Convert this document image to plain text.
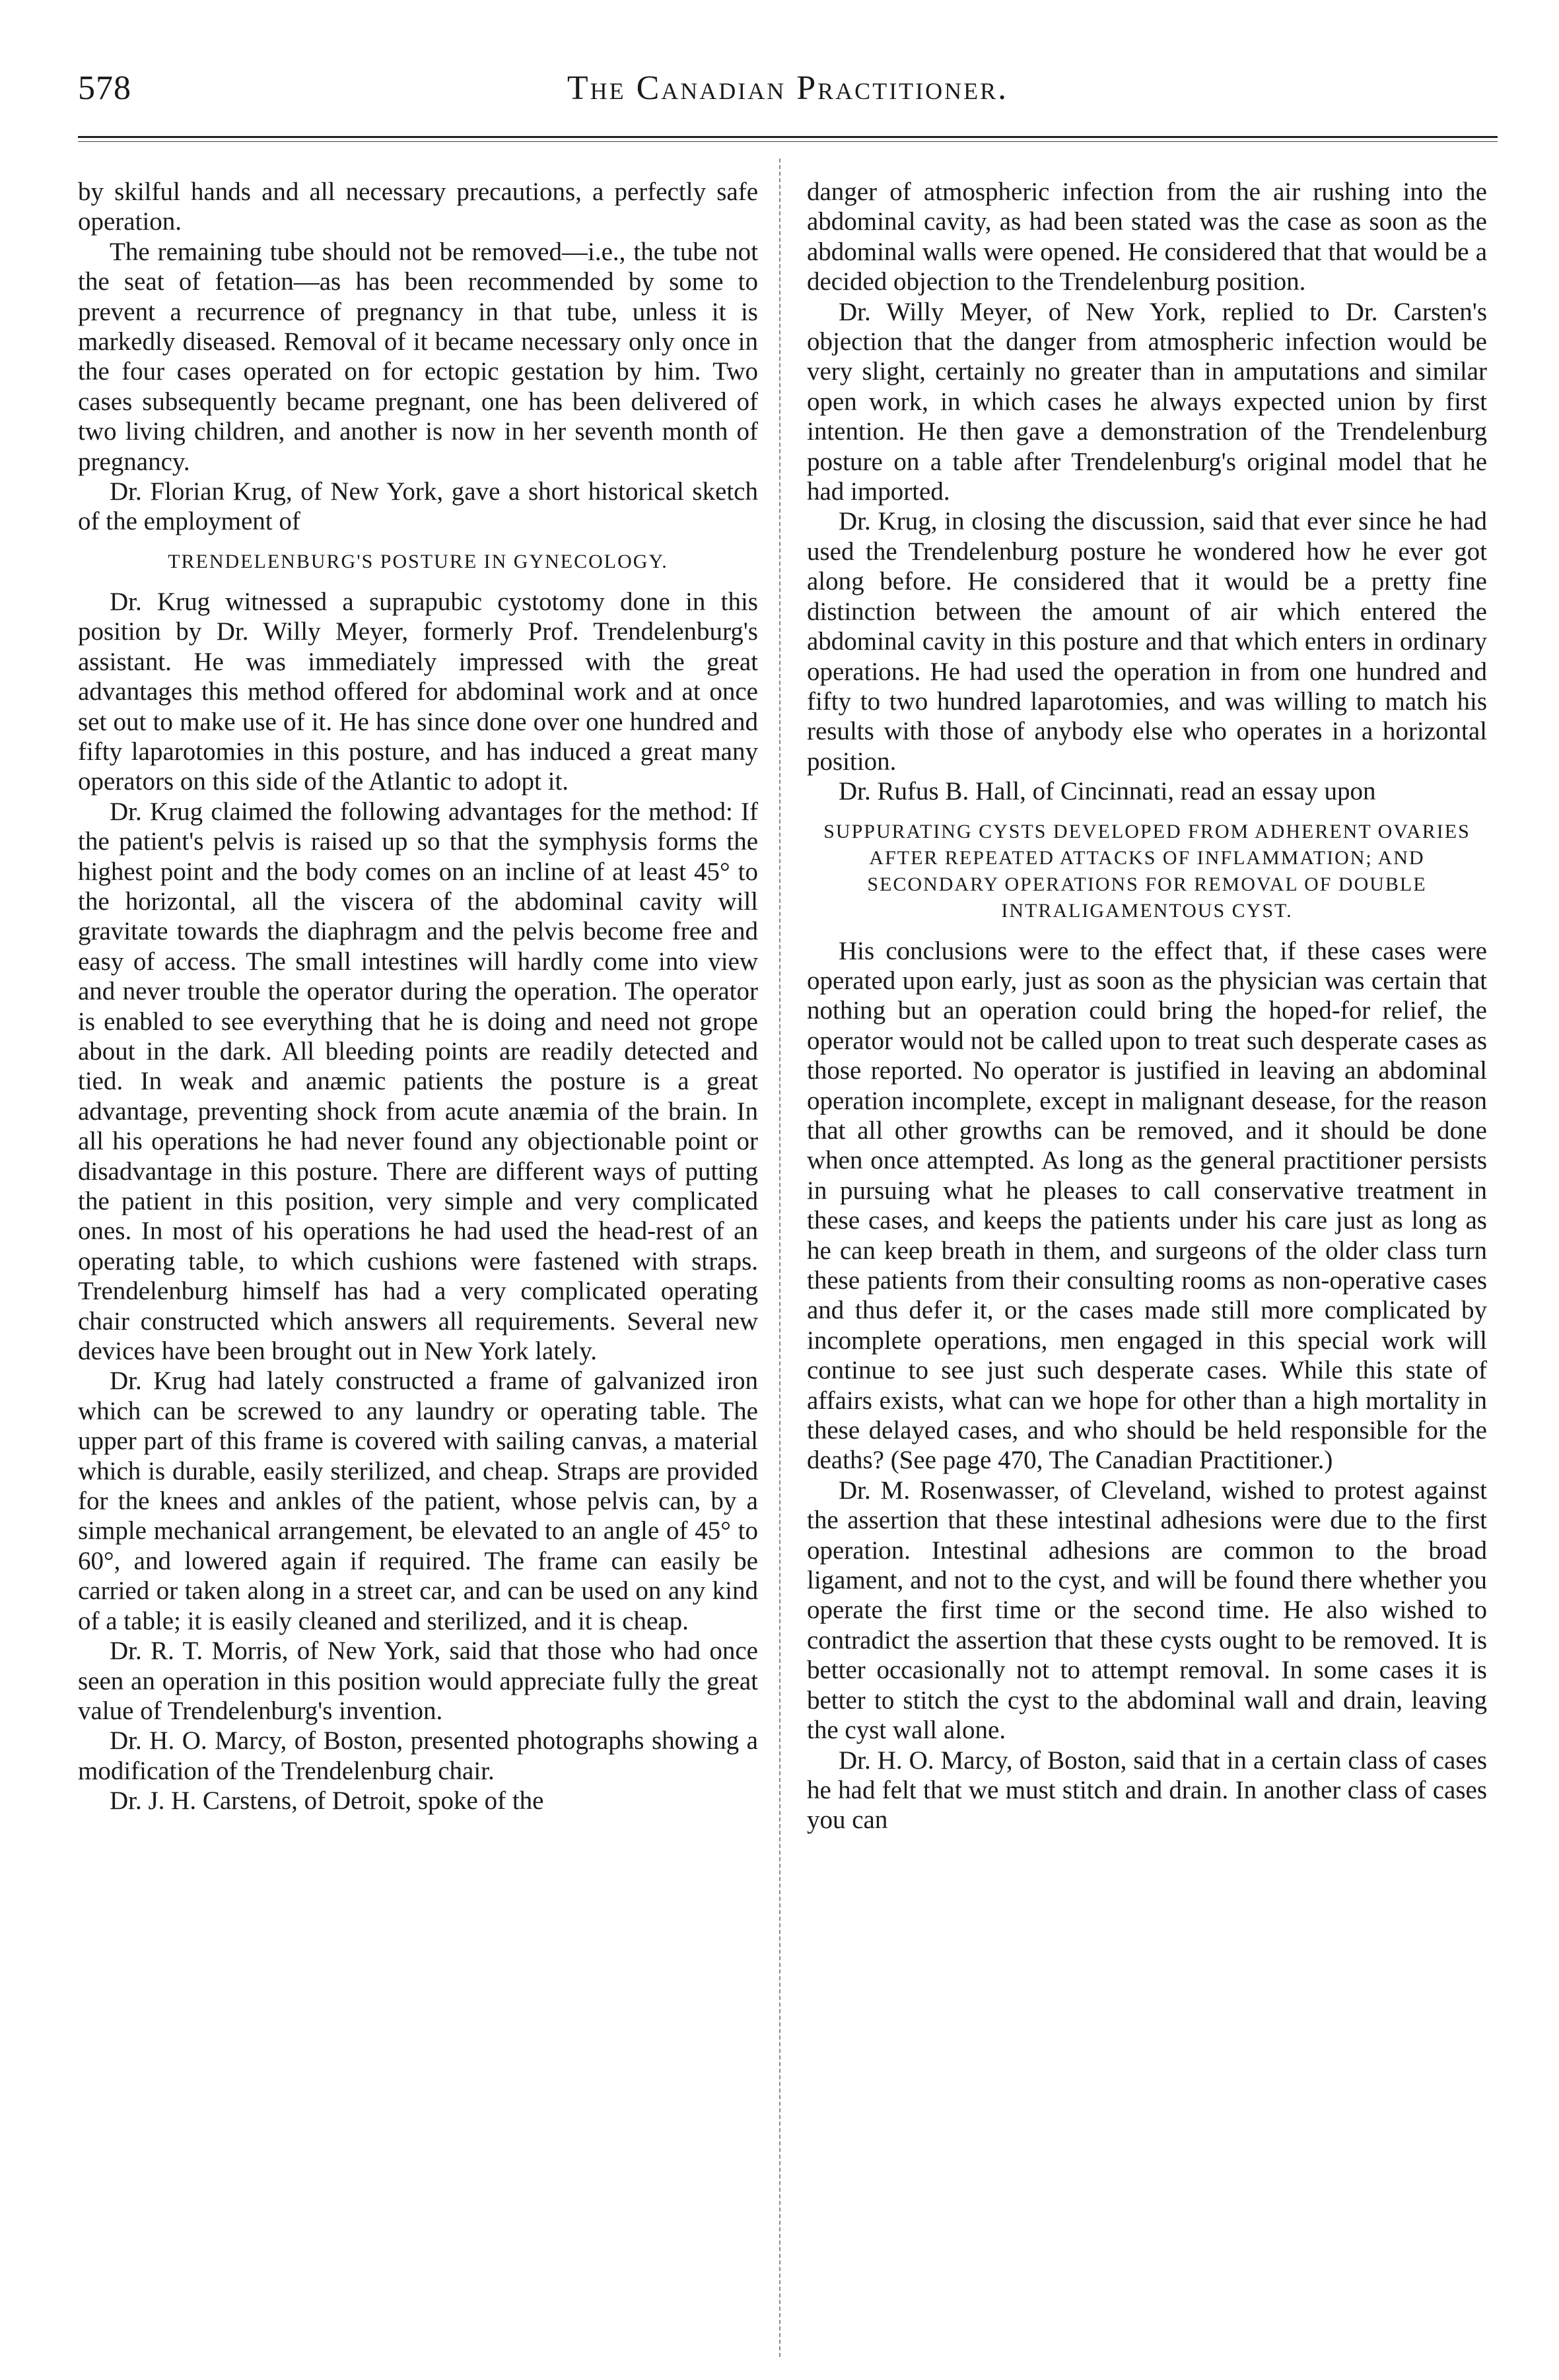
578	The Canadian Practitioner.

by skilful hands and all necessary precautions, a perfectly safe operation.

The remaining tube should not be removed—i.e., the tube not the seat of fetation—as has been recommended by some to prevent a recurrence of pregnancy in that tube, unless it is markedly diseased. Removal of it became necessary only once in the four cases operated on for ectopic gestation by him. Two cases subsequently became pregnant, one has been delivered of two living children, and another is now in her seventh month of pregnancy.

Dr. Florian Krug, of New York, gave a short historical sketch of the employment of

TRENDELENBURG'S POSTURE IN GYNECOLOGY.

Dr. Krug witnessed a suprapubic cystotomy done in this position by Dr. Willy Meyer, formerly Prof. Trendelenburg's assistant. He was immediately impressed with the great advantages this method offered for abdominal work and at once set out to make use of it. He has since done over one hundred and fifty laparotomies in this posture, and has induced a great many operators on this side of the Atlantic to adopt it.

Dr. Krug claimed the following advantages for the method: If the patient's pelvis is raised up so that the symphysis forms the highest point and the body comes on an incline of at least 45° to the horizontal, all the viscera of the abdominal cavity will gravitate towards the diaphragm and the pelvis become free and easy of access. The small intestines will hardly come into view and never trouble the operator during the operation. The operator is enabled to see everything that he is doing and need not grope about in the dark. All bleeding points are readily detected and tied. In weak and anæmic patients the posture is a great advantage, preventing shock from acute anæmia of the brain. In all his operations he had never found any objectionable point or disadvantage in this posture. There are different ways of putting the patient in this position, very simple and very complicated ones. In most of his operations he had used the head-rest of an operating table, to which cushions were fastened with straps. Trendelenburg himself has had a very complicated operating chair constructed which answers all requirements. Several new devices have been brought out in New York lately.

Dr. Krug had lately constructed a frame of galvanized iron which can be screwed to any laundry or operating table. The upper part of this frame is covered with sailing canvas, a material which is durable, easily sterilized, and cheap. Straps are provided for the knees and ankles of the patient, whose pelvis can, by a simple mechanical arrangement, be elevated to an angle of 45° to 60°, and lowered again if required. The frame can easily be carried or taken along in a street car, and can be used on any kind of a table; it is easily cleaned and sterilized, and it is cheap.

Dr. R. T. Morris, of New York, said that those who had once seen an operation in this position would appreciate fully the great value of Trendelenburg's invention.

Dr. H. O. Marcy, of Boston, presented photographs showing a modification of the Trendelenburg chair.

Dr. J. H. Carstens, of Detroit, spoke of the

danger of atmospheric infection from the air rushing into the abdominal cavity, as had been stated was the case as soon as the abdominal walls were opened. He considered that that would be a decided objection to the Trendelenburg position.

Dr. Willy Meyer, of New York, replied to Dr. Carsten's objection that the danger from atmospheric infection would be very slight, certainly no greater than in amputations and similar open work, in which cases he always expected union by first intention. He then gave a demonstration of the Trendelenburg posture on a table after Trendelenburg's original model that he had imported.

Dr. Krug, in closing the discussion, said that ever since he had used the Trendelenburg posture he wondered how he ever got along before. He considered that it would be a pretty fine distinction between the amount of air which entered the abdominal cavity in this posture and that which enters in ordinary operations. He had used the operation in from one hundred and fifty to two hundred laparotomies, and was willing to match his results with those of anybody else who operates in a horizontal position.

Dr. Rufus B. Hall, of Cincinnati, read an essay upon

SUPPURATING CYSTS DEVELOPED FROM ADHERENT OVARIES AFTER REPEATED ATTACKS OF INFLAMMATION; AND SECONDARY OPERATIONS FOR REMOVAL OF DOUBLE INTRALIGAMENTOUS CYST.

His conclusions were to the effect that, if these cases were operated upon early, just as soon as the physician was certain that nothing but an operation could bring the hoped-for relief, the operator would not be called upon to treat such desperate cases as those reported. No operator is justified in leaving an abdominal operation incomplete, except in malignant desease, for the reason that all other growths can be removed, and it should be done when once attempted. As long as the general practitioner persists in pursuing what he pleases to call conservative treatment in these cases, and keeps the patients under his care just as long as he can keep breath in them, and surgeons of the older class turn these patients from their consulting rooms as non-operative cases and thus defer it, or the cases made still more complicated by incomplete operations, men engaged in this special work will continue to see just such desperate cases. While this state of affairs exists, what can we hope for other than a high mortality in these delayed cases, and who should be held responsible for the deaths? (See page 470, The Canadian Practitioner.)

Dr. M. Rosenwasser, of Cleveland, wished to protest against the assertion that these intestinal adhesions were due to the first operation. Intestinal adhesions are common to the broad ligament, and not to the cyst, and will be found there whether you operate the first time or the second time. He also wished to contradict the assertion that these cysts ought to be removed. It is better occasionally not to attempt removal. In some cases it is better to stitch the cyst to the abdominal wall and drain, leaving the cyst wall alone.

Dr. H. O. Marcy, of Boston, said that in a certain class of cases he had felt that we must stitch and drain. In another class of cases you can
